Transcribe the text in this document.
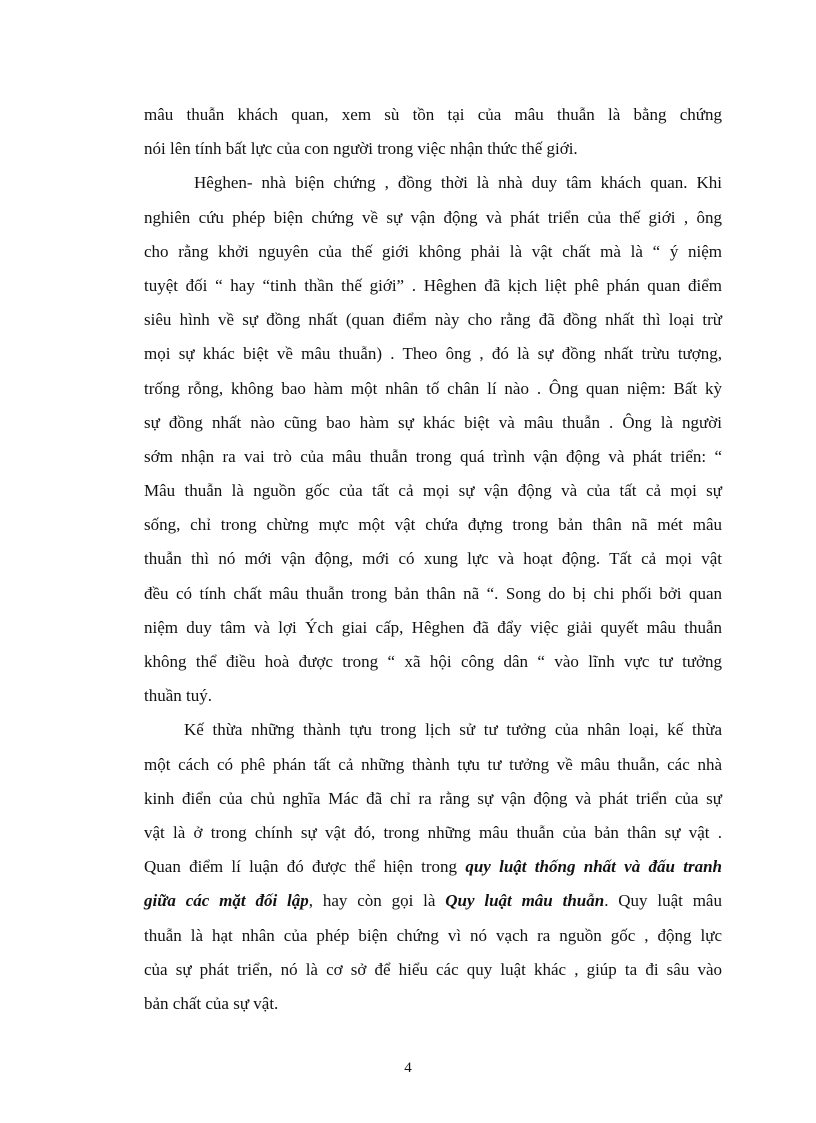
mâu thuẫn khách quan, xem sù tồn tại của mâu thuẫn là bằng chứng
nói lên tính bất lực của con người trong việc nhận thức thế giới.
Hêghen- nhà biện chứng , đồng thời là nhà duy tâm khách quan. Khi
nghiên cứu phép biện chứng về sự vận động và phát triển của thế giới , ông
cho rằng khởi nguyên của thế giới không phải là vật chất mà là “ ý niệm
tuyệt đối “ hay “tinh thần thế giới” . Hêghen đã kịch liệt phê phán quan điểm
siêu hình về sự đồng nhất (quan điểm này cho rằng đã đồng nhất thì loại trừ
mọi sự khác biệt về mâu thuẫn) . Theo ông , đó là sự đồng nhất trừu tượng,
trống rỗng, không bao hàm một nhân tố chân lí nào . Ông quan niệm: Bất kỳ
sự đồng nhất nào cũng bao hàm sự khác biệt và mâu thuẫn . Ông là người
sớm nhận ra vai trò của mâu thuẫn trong quá trình vận động và phát triển: “
Mâu thuẫn là nguồn gốc của tất cả mọi sự vận động và của tất cả mọi sự
sống, chỉ trong chừng mực một vật chứa đựng trong bản thân nã mét mâu
thuẫn thì nó mới vận động, mới có xung lực và hoạt động. Tất cả mọi vật
đều có tính chất mâu thuẫn trong bản thân nã “. Song do bị chi phối bởi quan
niệm duy tâm và lợi Ých giai cấp, Hêghen đã đẩy việc giải quyết mâu thuẫn
không thể điều hoà được trong “ xã hội công dân “ vào lĩnh vực tư tưởng
thuần tuý.
Kế thừa những thành tựu trong lịch sử tư tưởng của nhân loại, kế thừa
một cách có phê phán tất cả những thành tựu tư tưởng về mâu thuẫn, các nhà
kinh điển của chủ nghĩa Mác đã chỉ ra rằng sự vận động và phát triển của sự
vật là ở trong chính sự vật đó, trong những mâu thuẫn của bản thân sự vật .
Quan điểm lí luận đó được thể hiện trong quy luật thống nhất và đấu tranh
giữa các mặt đối lập, hay còn gọi là Quy luật mâu thuẫn. Quy luật mâu
thuẫn là hạt nhân của phép biện chứng vì nó vạch ra nguồn gốc , động lực
của sự phát triển, nó là cơ sở để hiểu các quy luật khác , giúp ta đi sâu vào
bản chất của sự vật.
4
